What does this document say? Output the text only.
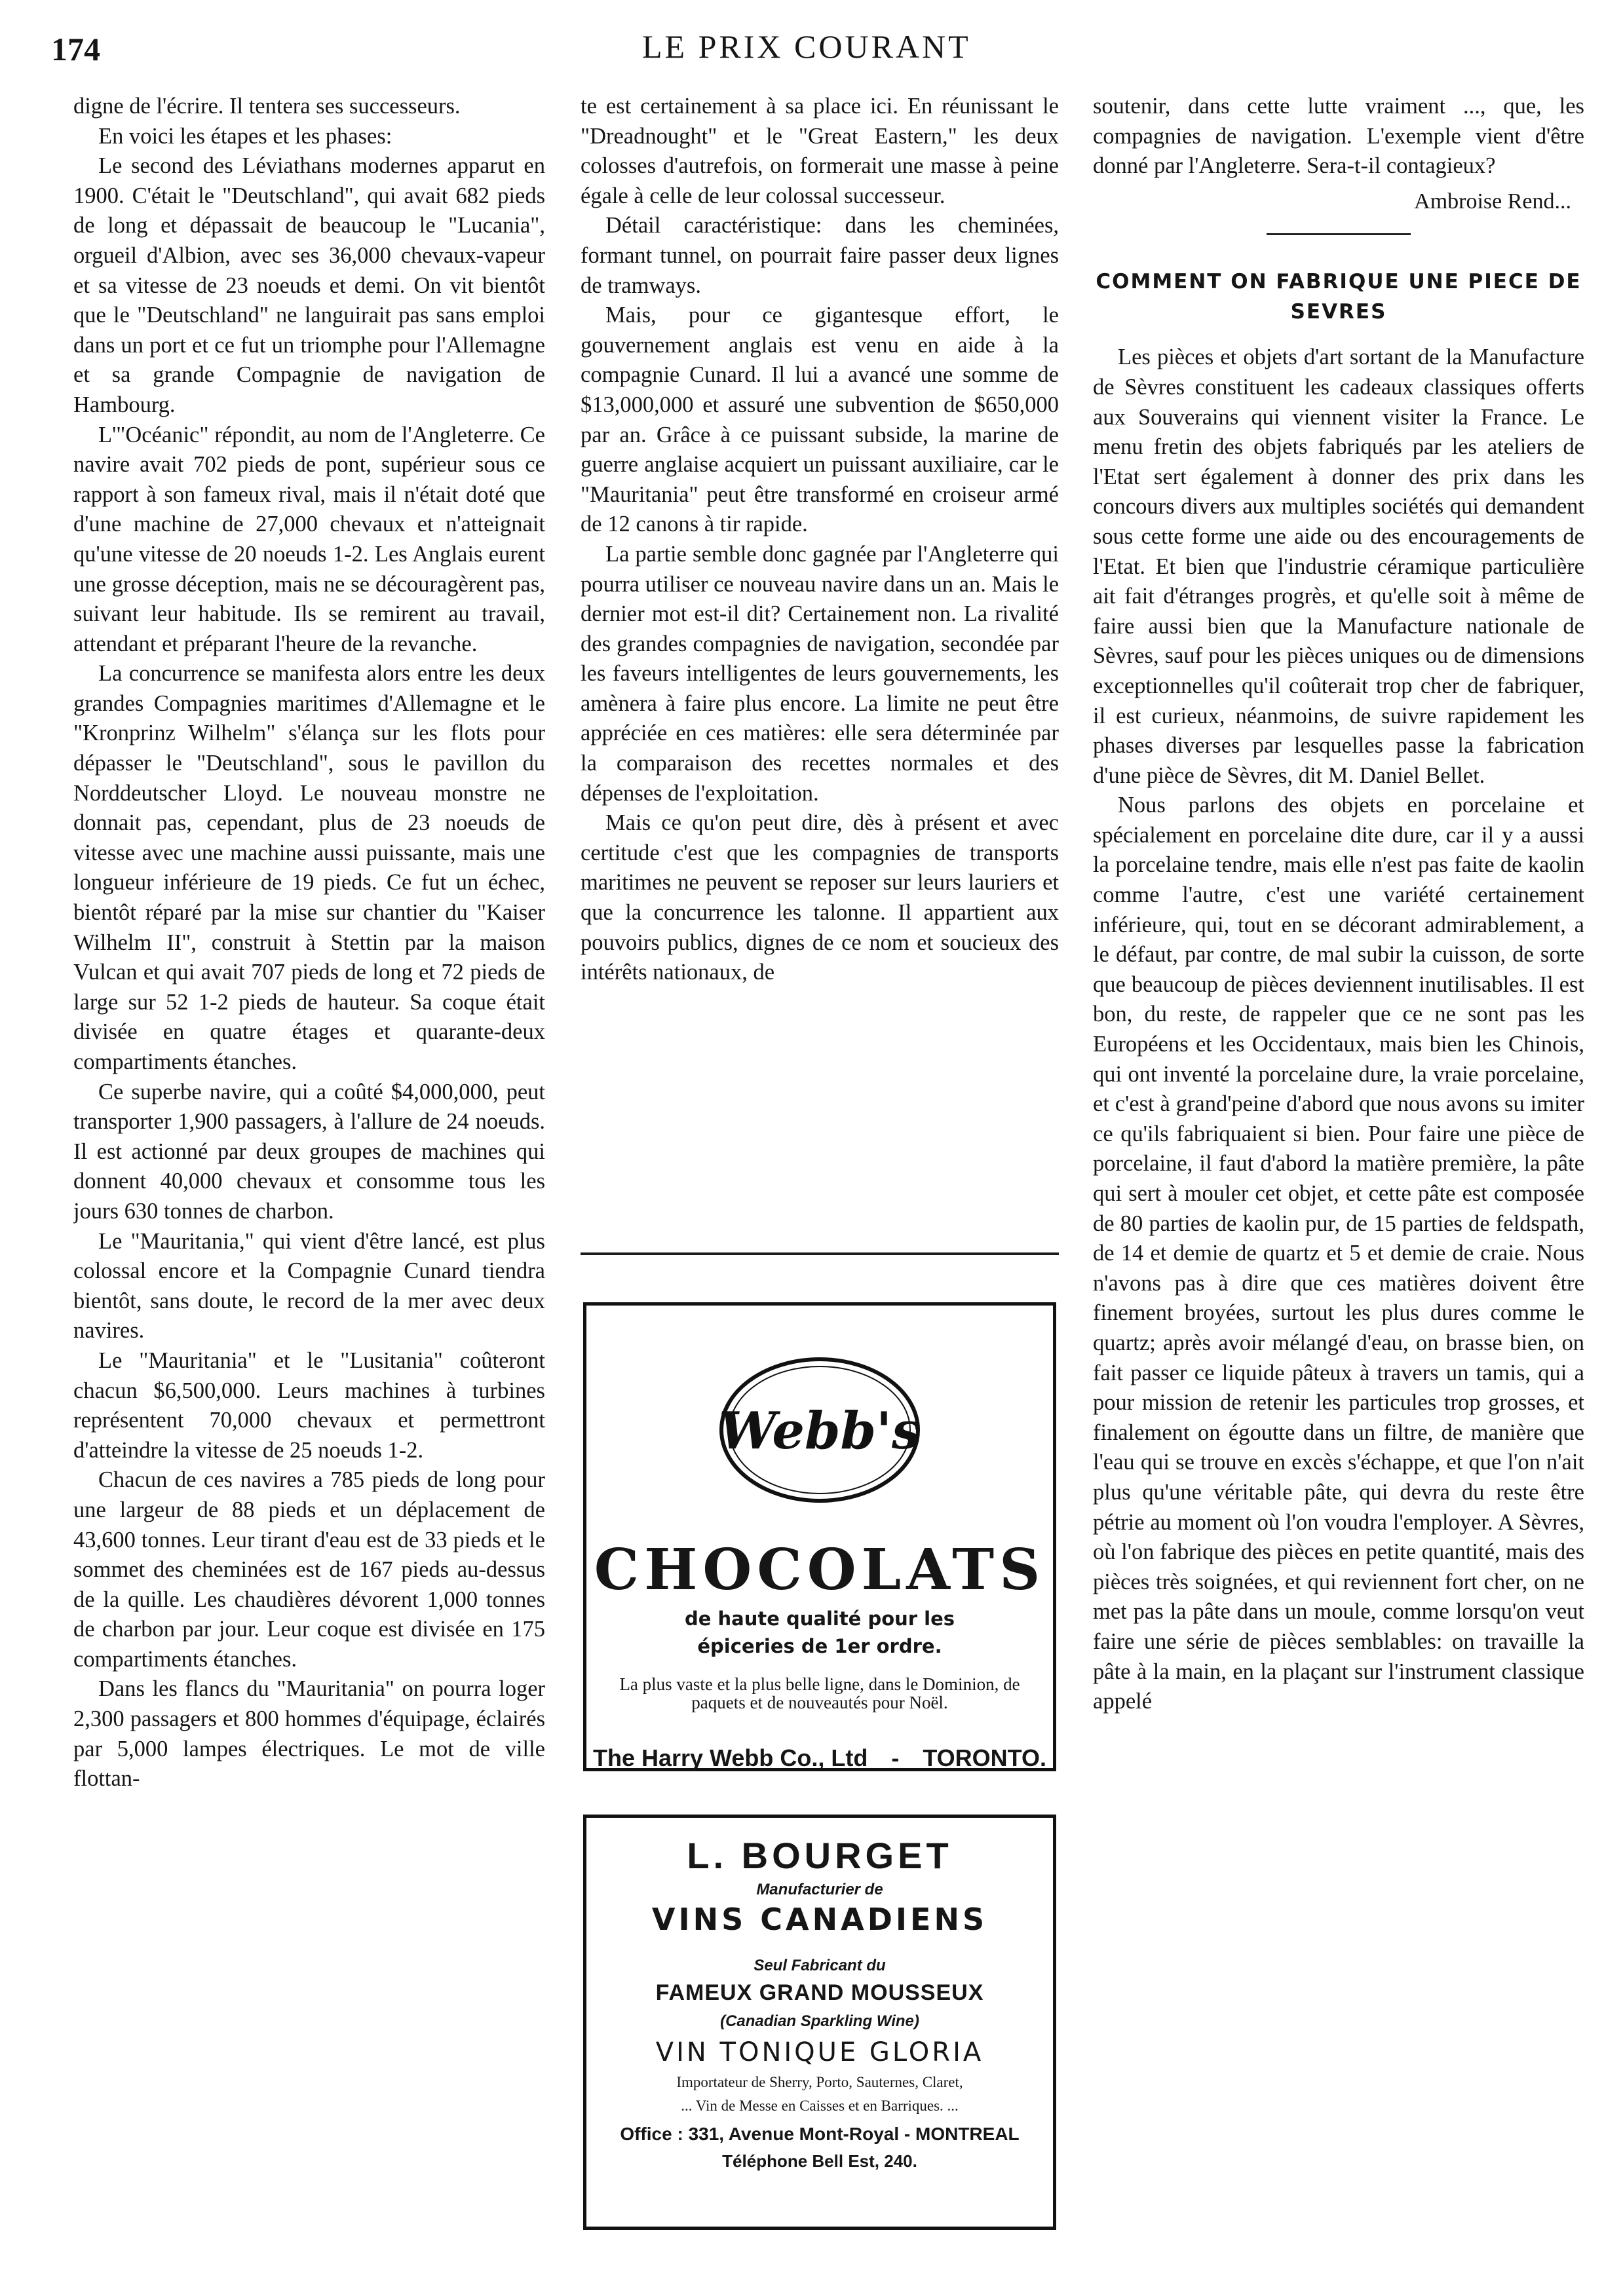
174	LE PRIX COURANT

digne de l'écrire. Il tentera ses successeurs.

En voici les étapes et les phases:

Le second des Léviathans modernes apparut en 1900. C'était le "Deutschland", qui avait 682 pieds de long et dépassait de beaucoup le "Lucania", orgueil d'Albion, avec ses 36,000 chevaux-vapeur et sa vitesse de 23 noeuds et demi. On vit bientôt que le "Deutschland" ne languirait pas sans emploi dans un port et ce fut un triomphe pour l'Allemagne et sa grande Compagnie de navigation de Hambourg.

L'"Océanic" répondit, au nom de l'Angleterre. Ce navire avait 702 pieds de pont, supérieur sous ce rapport à son fameux rival, mais il n'était doté que d'une machine de 27,000 chevaux et n'atteignait qu'une vitesse de 20 noeuds 1-2. Les Anglais eurent une grosse déception, mais ne se découragèrent pas, suivant leur habitude. Ils se remirent au travail, attendant et préparant l'heure de la revanche.

La concurrence se manifesta alors entre les deux grandes Compagnies maritimes d'Allemagne et le "Kronprinz Wilhelm" s'élança sur les flots pour dépasser le "Deutschland", sous le pavillon du Norddeutscher Lloyd. Le nouveau monstre ne donnait pas, cependant, plus de 23 noeuds de vitesse avec une machine aussi puissante, mais une longueur inférieure de 19 pieds. Ce fut un échec, bientôt réparé par la mise sur chantier du "Kaiser Wilhelm II", construit à Stettin par la maison Vulcan et qui avait 707 pieds de long et 72 pieds de large sur 52 1-2 pieds de hauteur. Sa coque était divisée en quatre étages et quarante-deux compartiments étanches.

Ce superbe navire, qui a coûté $4,000,000, peut transporter 1,900 passagers, à l'allure de 24 noeuds. Il est actionné par deux groupes de machines qui donnent 40,000 chevaux et consomme tous les jours 630 tonnes de charbon.

Le "Mauritania," qui vient d'être lancé, est plus colossal encore et la Compagnie Cunard tiendra bientôt, sans doute, le record de la mer avec deux navires.

Le "Mauritania" et le "Lusitania" coûteront chacun $6,500,000. Leurs machines à turbines représentent 70,000 chevaux et permettront d'atteindre la vitesse de 25 noeuds 1-2.

Chacun de ces navires a 785 pieds de long pour une largeur de 88 pieds et un déplacement de 43,600 tonnes. Leur tirant d'eau est de 33 pieds et le sommet des cheminées est de 167 pieds au-dessus de la quille. Les chaudières dévorent 1,000 tonnes de charbon par jour. Leur coque est divisée en 175 compartiments étanches.

Dans les flancs du "Mauritania" on pourra loger 2,300 passagers et 800 hommes d'équipage, éclairés par 5,000 lampes électriques. Le mot de ville flottan-

te est certainement à sa place ici. En réunissant le "Dreadnought" et le "Great Eastern," les deux colosses d'autrefois, on formerait une masse à peine égale à celle de leur colossal successeur.

Détail caractéristique: dans les cheminées, formant tunnel, on pourrait faire passer deux lignes de tramways.

Mais, pour ce gigantesque effort, le gouvernement anglais est venu en aide à la compagnie Cunard. Il lui a avancé une somme de $13,000,000 et assuré une subvention de $650,000 par an. Grâce à ce puissant subside, la marine de guerre anglaise acquiert un puissant auxiliaire, car le "Mauritania" peut être transformé en croiseur armé de 12 canons à tir rapide.

La partie semble donc gagnée par l'Angleterre qui pourra utiliser ce nouveau navire dans un an. Mais le dernier mot est-il dit? Certainement non. La rivalité des grandes compagnies de navigation, secondée par les faveurs intelligentes de leurs gouvernements, les amènera à faire plus encore. La limite ne peut être appréciée en ces matières: elle sera déterminée par la comparaison des recettes normales et des dépenses de l'exploitation.

Mais ce qu'on peut dire, dès à présent et avec certitude c'est que les compagnies de transports maritimes ne peuvent se reposer sur leurs lauriers et que la concurrence les talonne. Il appartient aux pouvoirs publics, dignes de ce nom et soucieux des intérêts nationaux, de

Webb's
CHOCOLATS
de haute qualité pour les
épiceries de 1er ordre.
La plus vaste et la plus belle ligne, dans le Dominion, de paquets et de nouveautés pour Noël.
The Harry Webb Co., Ltd - TORONTO.
L. BOURGET
Manufacturier de
VINS CANADIENS
Seul Fabricant du
FAMEUX GRAND MOUSSEUX
(Canadian Sparkling Wine)
VIN TONIQUE GLORIA
Importateur de Sherry, Porto, Sauternes, Claret,
... Vin de Messe en Caisses et en Barriques. ...
Office : 331, Avenue Mont-Royal - MONTREAL
Téléphone Bell Est, 240.

soutenir, dans cette lutte vraiment ..., que, les compagnies de navigation. L'exemple vient d'être donné par l'Angleterre. Sera-t-il contagieux?

Ambroise Rend...
COMMENT ON FABRIQUE UNE PIECE DE SEVRES

Les pièces et objets d'art sortant de la Manufacture de Sèvres constituent les cadeaux classiques offerts aux Souverains qui viennent visiter la France. Le menu fretin des objets fabriqués par les ateliers de l'Etat sert également à donner des prix dans les concours divers aux multiples sociétés qui demandent sous cette forme une aide ou des encouragements de l'Etat. Et bien que l'industrie céramique particulière ait fait d'étranges progrès, et qu'elle soit à même de faire aussi bien que la Manufacture nationale de Sèvres, sauf pour les pièces uniques ou de dimensions exceptionnelles qu'il coûterait trop cher de fabriquer, il est curieux, néanmoins, de suivre rapidement les phases diverses par lesquelles passe la fabrication d'une pièce de Sèvres, dit M. Daniel Bellet.

Nous parlons des objets en porcelaine et spécialement en porcelaine dite dure, car il y a aussi la porcelaine tendre, mais elle n'est pas faite de kaolin comme l'autre, c'est une variété certainement inférieure, qui, tout en se décorant admirablement, a le défaut, par contre, de mal subir la cuisson, de sorte que beaucoup de pièces deviennent inutilisables. Il est bon, du reste, de rappeler que ce ne sont pas les Européens et les Occidentaux, mais bien les Chinois, qui ont inventé la porcelaine dure, la vraie porcelaine, et c'est à grand'peine d'abord que nous avons su imiter ce qu'ils fabriquaient si bien. Pour faire une pièce de porcelaine, il faut d'abord la matière première, la pâte qui sert à mouler cet objet, et cette pâte est composée de 80 parties de kaolin pur, de 15 parties de feldspath, de 14 et demie de quartz et 5 et demie de craie. Nous n'avons pas à dire que ces matières doivent être finement broyées, surtout les plus dures comme le quartz; après avoir mélangé d'eau, on brasse bien, on fait passer ce liquide pâteux à travers un tamis, qui a pour mission de retenir les particules trop grosses, et finalement on égoutte dans un filtre, de manière que l'eau qui se trouve en excès s'échappe, et que l'on n'ait plus qu'une véritable pâte, qui devra du reste être pétrie au moment où l'on voudra l'employer. A Sèvres, où l'on fabrique des pièces en petite quantité, mais des pièces très soignées, et qui reviennent fort cher, on ne met pas la pâte dans un moule, comme lorsqu'on veut faire une série de pièces semblables: on travaille la pâte à la main, en la plaçant sur l'instrument classique appelé
